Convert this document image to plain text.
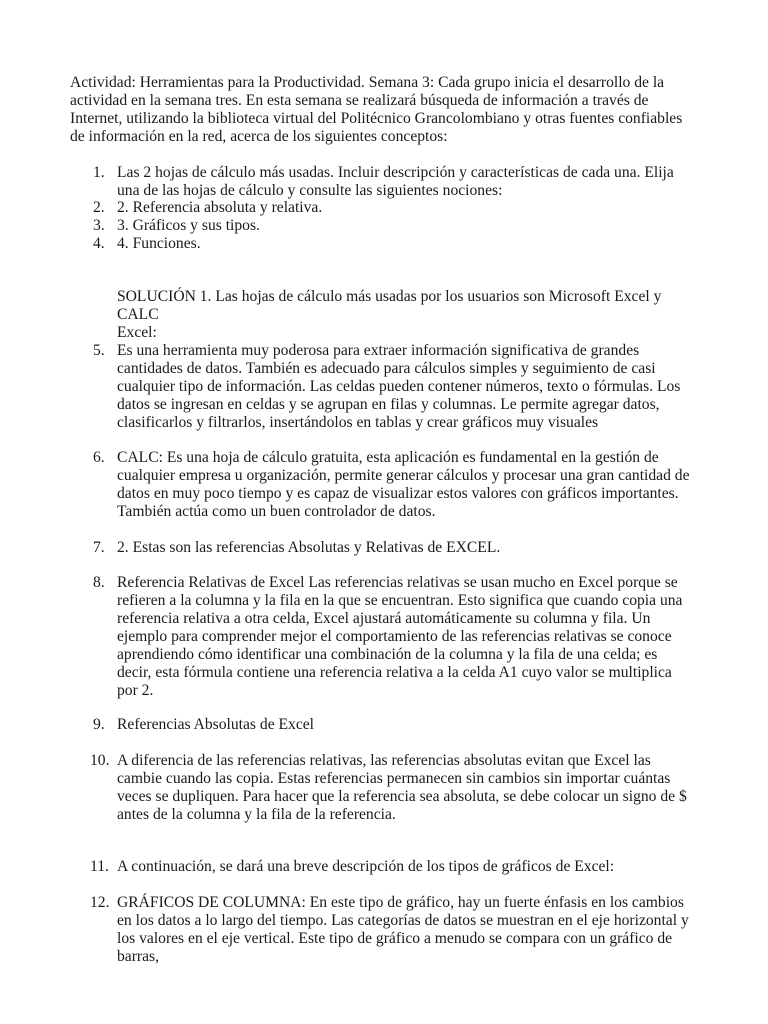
Actividad: Herramientas para la Productividad. Semana 3: Cada grupo inicia el desarrollo de la actividad en la semana tres. En esta semana se realizará búsqueda de información a través de Internet, utilizando la biblioteca virtual del Politécnico Grancolombiano y otras fuentes confiables de información en la red, acerca de los siguientes conceptos:

1. Las 2 hojas de cálculo más usadas. Incluir descripción y características de cada una. Elija una de las hojas de cálculo y consulte las siguientes nociones:
2. 2. Referencia absoluta y relativa.
3. 3. Gráficos y sus tipos.
4. 4. Funciones.

SOLUCIÓN 1. Las hojas de cálculo más usadas por los usuarios son Microsoft Excel y CALC

Excel:

5. Es una herramienta muy poderosa para extraer información significativa de grandes cantidades de datos. También es adecuado para cálculos simples y seguimiento de casi cualquier tipo de información. Las celdas pueden contener números, texto o fórmulas. Los datos se ingresan en celdas y se agrupan en filas y columnas. Le permite agregar datos, clasificarlos y filtrarlos, insertándolos en tablas y crear gráficos muy visuales
6. CALC: Es una hoja de cálculo gratuita, esta aplicación es fundamental en la gestión de cualquier empresa u organización, permite generar cálculos y procesar una gran cantidad de datos en muy poco tiempo y es capaz de visualizar estos valores con gráficos importantes. También actúa como un buen controlador de datos.
7. 2. Estas son las referencias Absolutas y Relativas de EXCEL.
8. Referencia Relativas de Excel Las referencias relativas se usan mucho en Excel porque se refieren a la columna y la fila en la que se encuentran. Esto significa que cuando copia una referencia relativa a otra celda, Excel ajustará automáticamente su columna y fila. Un ejemplo para comprender mejor el comportamiento de las referencias relativas se conoce aprendiendo cómo identificar una combinación de la columna y la fila de una celda; es decir, esta fórmula contiene una referencia relativa a la celda A1 cuyo valor se multiplica por 2.
9. Referencias Absolutas de Excel
10. A diferencia de las referencias relativas, las referencias absolutas evitan que Excel las cambie cuando las copia. Estas referencias permanecen sin cambios sin importar cuántas veces se dupliquen. Para hacer que la referencia sea absoluta, se debe colocar un signo de $ antes de la columna y la fila de la referencia.
11. A continuación, se dará una breve descripción de los tipos de gráficos de Excel:
12. GRÁFICOS DE COLUMNA: En este tipo de gráfico, hay un fuerte énfasis en los cambios en los datos a lo largo del tiempo. Las categorías de datos se muestran en el eje horizontal y los valores en el eje vertical. Este tipo de gráfico a menudo se compara con un gráfico de barras,
